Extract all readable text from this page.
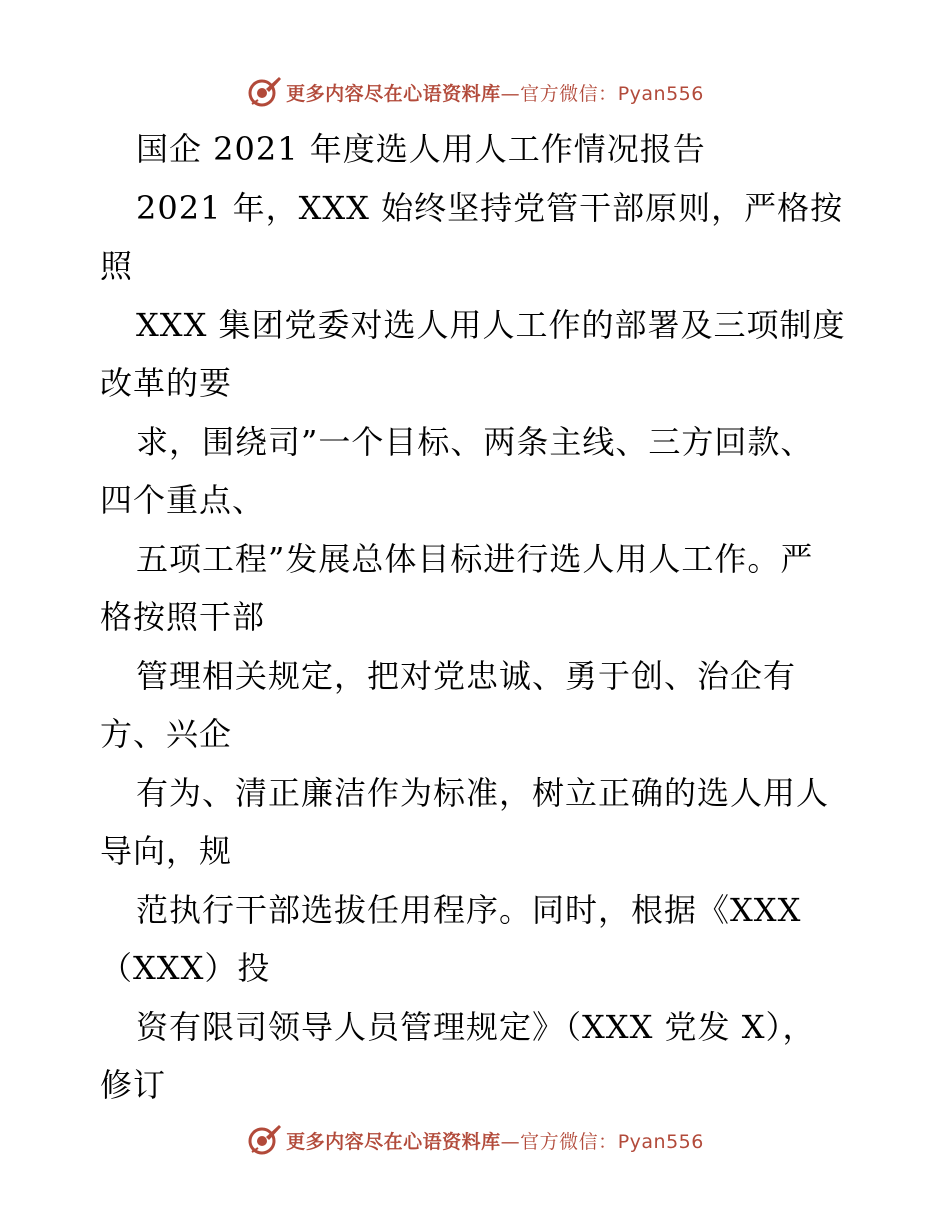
更多内容尽在心语资料库—官方微信：Pyan556
国企 2021 年度选人用人工作情况报告
2021 年，XXX 始终坚持党管干部原则，严格按
照
XXX 集团党委对选人用人工作的部署及三项制度
改革的要
求，围绕司”一个目标、两条主线、三方回款、
四个重点、
五项工程”发展总体目标进行选人用人工作。严
格按照干部
管理相关规定，把对党忠诚、勇于创、治企有
方、兴企
有为、清正廉洁作为标准，树立正确的选人用人
导向，规
范执行干部选拔任用程序。同时，根据《XXX
（XXX）投
资有限司领导人员管理规定》（XXX 党发 X），
修订
更多内容尽在心语资料库—官方微信：Pyan556
